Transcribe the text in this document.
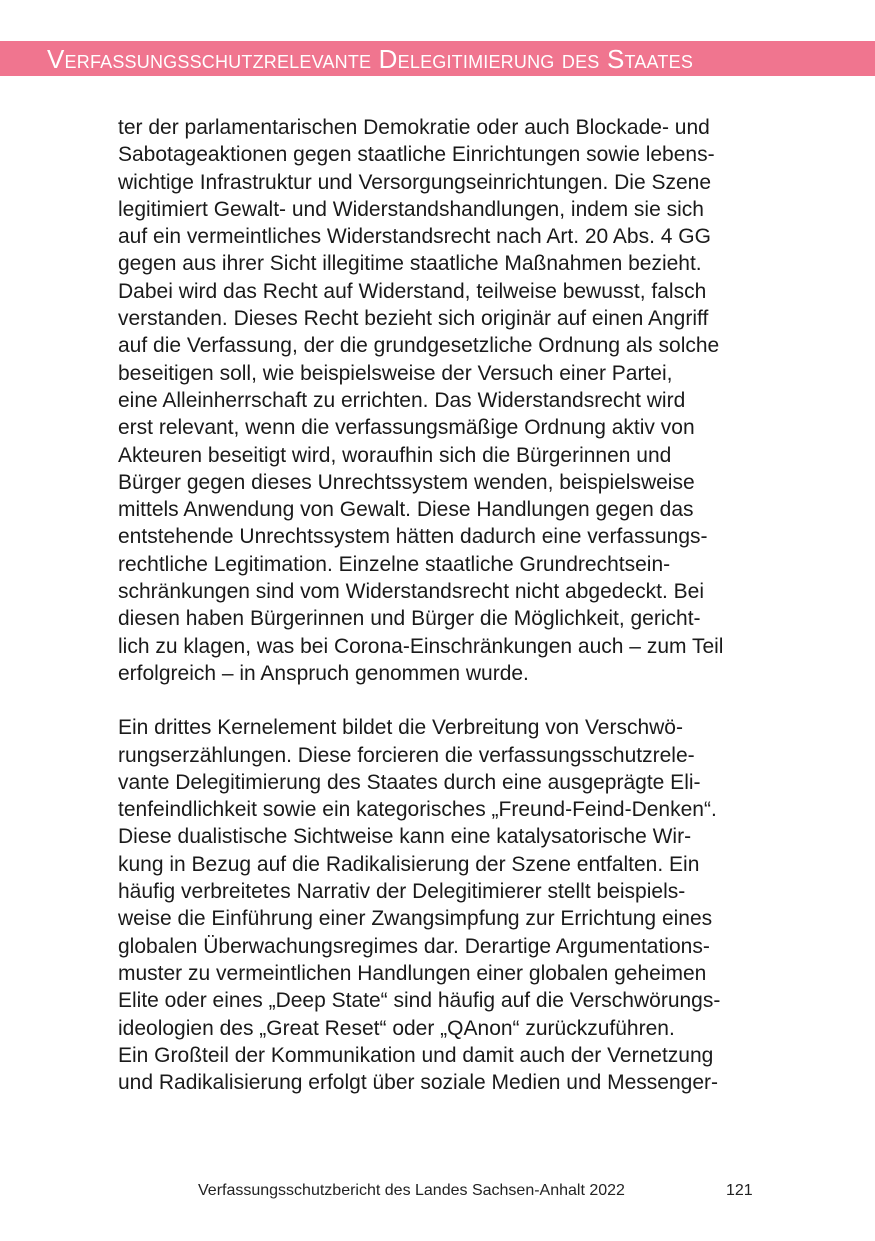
Verfassungsschutzrelevante Delegitimierung des Staates
ter der parlamentarischen Demokratie oder auch Blockade- und
Sabotageaktionen gegen staatliche Einrichtungen sowie lebens-
wichtige Infrastruktur und Versorgungseinrichtungen. Die Szene
legitimiert Gewalt- und Widerstandshandlungen, indem sie sich
auf ein vermeintliches Widerstandsrecht nach Art. 20 Abs. 4 GG
gegen aus ihrer Sicht illegitime staatliche Maßnahmen bezieht.
Dabei wird das Recht auf Widerstand, teilweise bewusst, falsch
verstanden. Dieses Recht bezieht sich originär auf einen Angriff
auf die Verfassung, der die grundgesetzliche Ordnung als solche
beseitigen soll, wie beispielsweise der Versuch einer Partei,
eine Alleinherrschaft zu errichten. Das Widerstandsrecht wird
erst relevant, wenn die verfassungsmäßige Ordnung aktiv von
Akteuren beseitigt wird, woraufhin sich die Bürgerinnen und
Bürger gegen dieses Unrechtssystem wenden, beispielsweise
mittels Anwendung von Gewalt. Diese Handlungen gegen das
entstehende Unrechtssystem hätten dadurch eine verfassungs-
rechtliche Legitimation. Einzelne staatliche Grundrechtsein-
schränkungen sind vom Widerstandsrecht nicht abgedeckt. Bei
diesen haben Bürgerinnen und Bürger die Möglichkeit, gericht-
lich zu klagen, was bei Corona-Einschränkungen auch – zum Teil
erfolgreich – in Anspruch genommen wurde.
Ein drittes Kernelement bildet die Verbreitung von Verschwö-
rungserzählungen. Diese forcieren die verfassungsschutzrele-
vante Delegitimierung des Staates durch eine ausgeprägte Eli-
tenfeindlichkeit sowie ein kategorisches „Freund-Feind-Denken“.
Diese dualistische Sichtweise kann eine katalysatorische Wir-
kung in Bezug auf die Radikalisierung der Szene entfalten. Ein
häufig verbreitetes Narrativ der Delegitimierer stellt beispiels-
weise die Einführung einer Zwangsimpfung zur Errichtung eines
globalen Überwachungsregimes dar. Derartige Argumentations-
muster zu vermeintlichen Handlungen einer globalen geheimen
Elite oder eines „Deep State“ sind häufig auf die Verschwörungs-
ideologien des „Great Reset“ oder „QAnon“ zurückzuführen.
Ein Großteil der Kommunikation und damit auch der Vernetzung
und Radikalisierung erfolgt über soziale Medien und Messenger-
Verfassungsschutzbericht des Landes Sachsen-Anhalt 2022	121
